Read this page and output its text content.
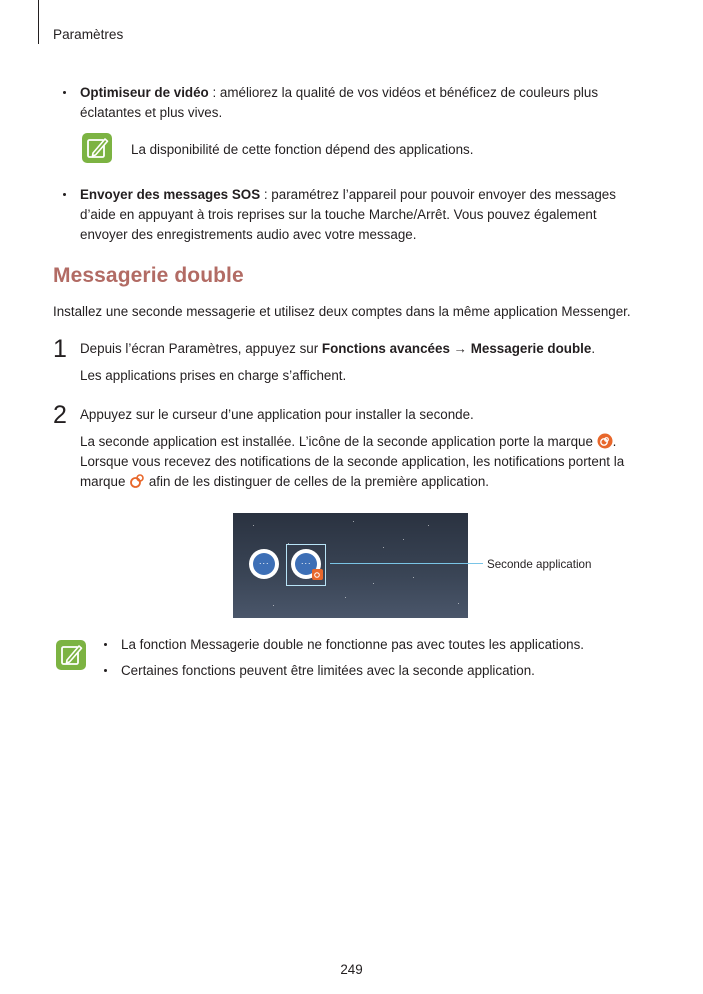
Paramètres
Optimiseur de vidéo : améliorez la qualité de vos vidéos et bénéficez de couleurs plus éclatantes et plus vives.
La disponibilité de cette fonction dépend des applications.
Envoyer des messages SOS : paramétrez l’appareil pour pouvoir envoyer des messages d’aide en appuyant à trois reprises sur la touche Marche/Arrêt. Vous pouvez également envoyer des enregistrements audio avec votre message.
Messagerie double
Installez une seconde messagerie et utilisez deux comptes dans la même application Messenger.
1 Depuis l’écran Paramètres, appuyez sur Fonctions avancées → Messagerie double.
Les applications prises en charge s’affichent.
2 Appuyez sur le curseur d’une application pour installer la seconde.
La seconde application est installée. L’icône de la seconde application porte la marque . Lorsque vous recevez des notifications de la seconde application, les notifications portent la marque  afin de les distinguer de celles de la première application.
···	···	Seconde application
La fonction Messagerie double ne fonctionne pas avec toutes les applications.
Certaines fonctions peuvent être limitées avec la seconde application.
249
